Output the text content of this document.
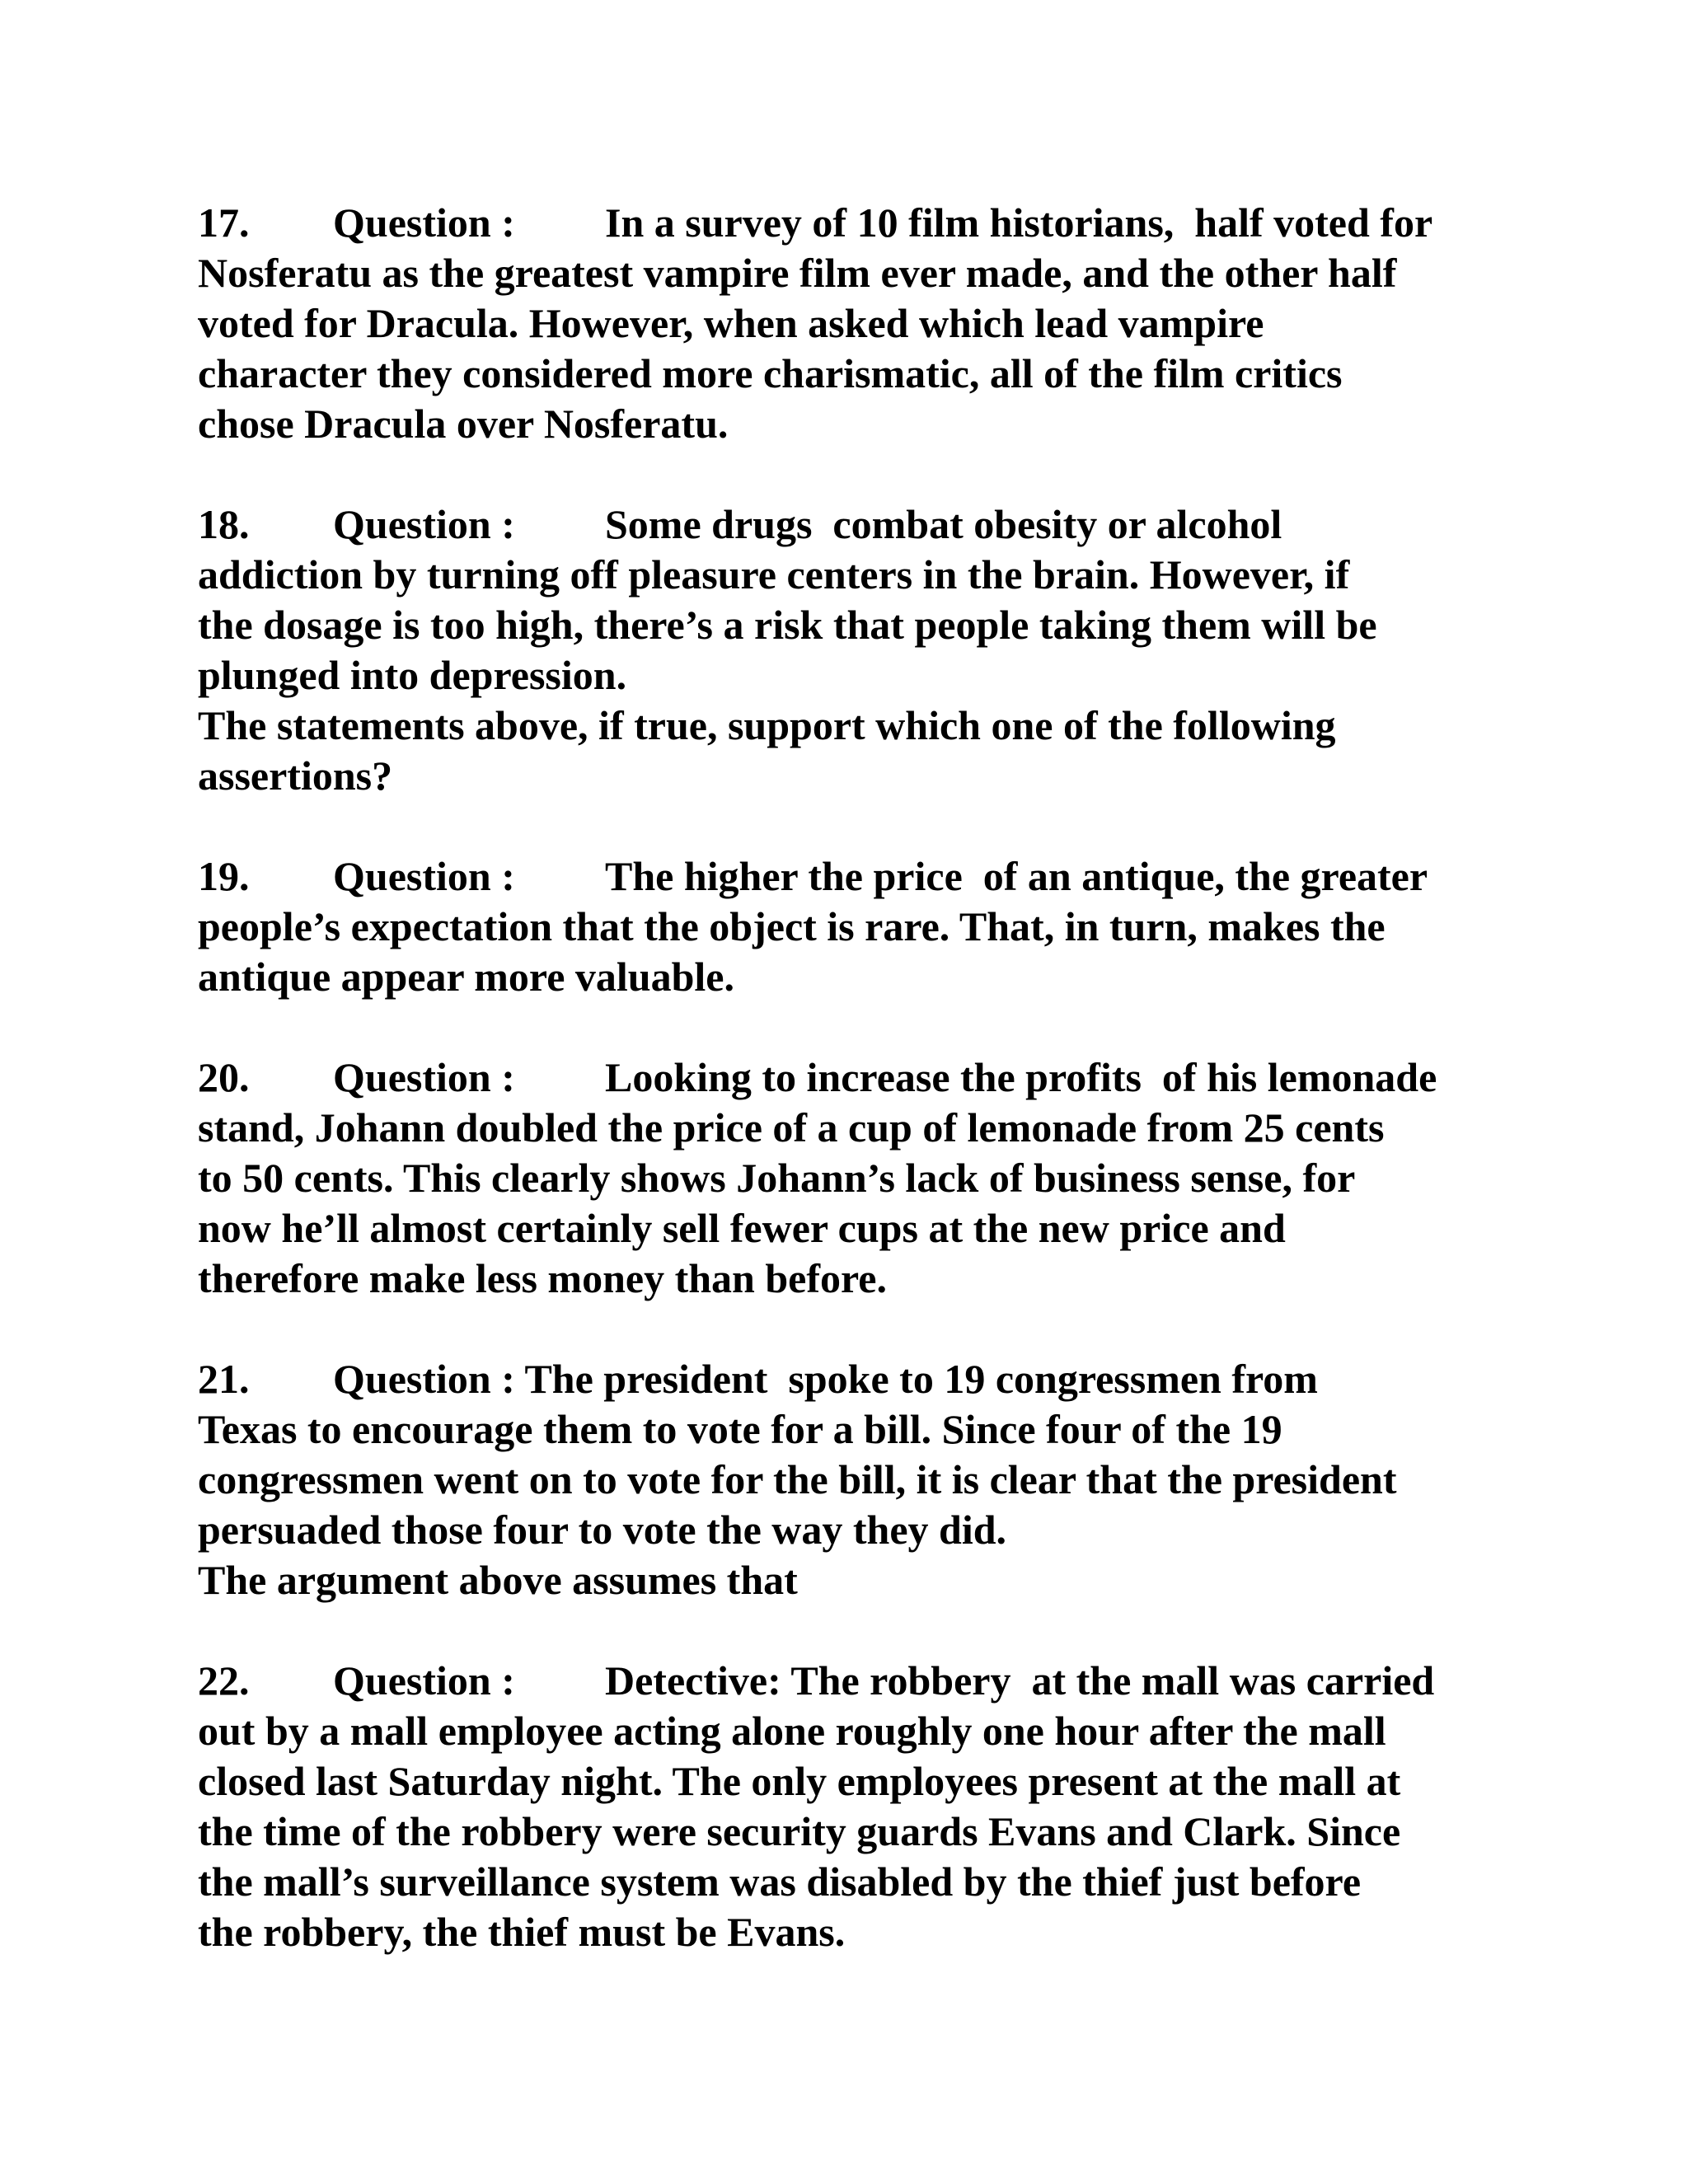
17. Question : In a survey of 10 film historians,  half voted for
Nosferatu as the greatest vampire film ever made, and the other half
voted for Dracula. However, when asked which lead vampire
character they considered more charismatic, all of the film critics
chose Dracula over Nosferatu.
18. Question : Some drugs  combat obesity or alcohol
addiction by turning off pleasure centers in the brain. However, if
the dosage is too high, there’s a risk that people taking them will be
plunged into depression.
The statements above, if true, support which one of the following
assertions?
19. Question : The higher the price  of an antique, the greater
people’s expectation that the object is rare. That, in turn, makes the
antique appear more valuable.
20. Question : Looking to increase the profits  of his lemonade
stand, Johann doubled the price of a cup of lemonade from 25 cents
to 50 cents. This clearly shows Johann’s lack of business sense, for
now he’ll almost certainly sell fewer cups at the new price and
therefore make less money than before.
21. Question : The president  spoke to 19 congressmen from
Texas to encourage them to vote for a bill. Since four of the 19
congressmen went on to vote for the bill, it is clear that the president
persuaded those four to vote the way they did.
The argument above assumes that
22. Question : Detective: The robbery  at the mall was carried
out by a mall employee acting alone roughly one hour after the mall
closed last Saturday night. The only employees present at the mall at
the time of the robbery were security guards Evans and Clark. Since
the mall’s surveillance system was disabled by the thief just before
the robbery, the thief must be Evans.
